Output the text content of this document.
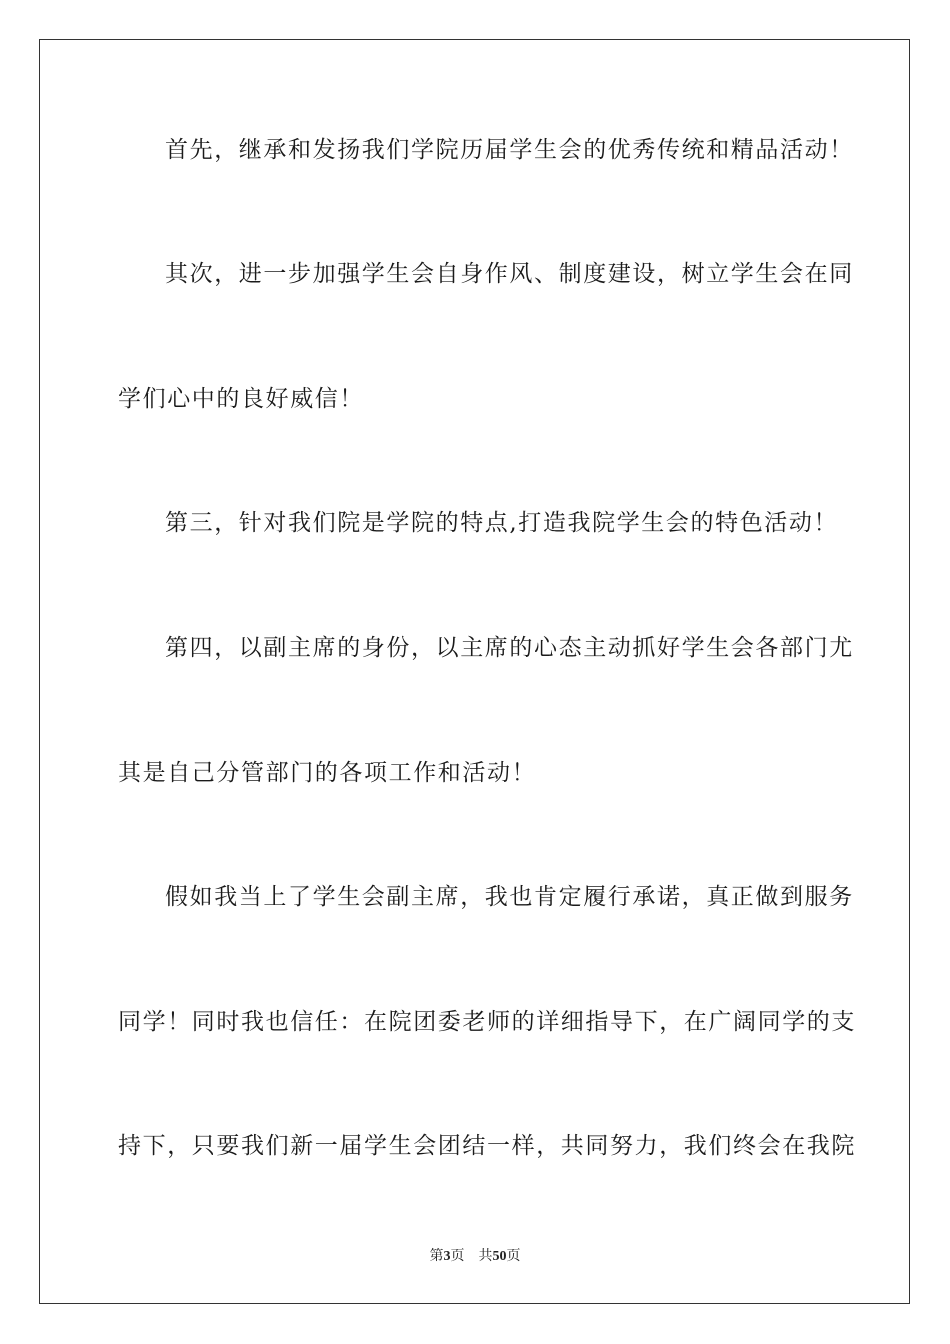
首先，继承和发扬我们学院历届学生会的优秀传统和精品活动！
其次，进一步加强学生会自身作风、制度建设，树立学生会在同
学们心中的良好威信！
第三，针对我们院是学院的特点,打造我院学生会的特色活动！
第四，以副主席的身份，以主席的心态主动抓好学生会各部门尤
其是自己分管部门的各项工作和活动！
假如我当上了学生会副主席，我也肯定履行承诺，真正做到服务
同学！同时我也信任：在院团委老师的详细指导下，在广阔同学的支
持下，只要我们新一届学生会团结一样，共同努力，我们终会在我院
第3页 共50页
